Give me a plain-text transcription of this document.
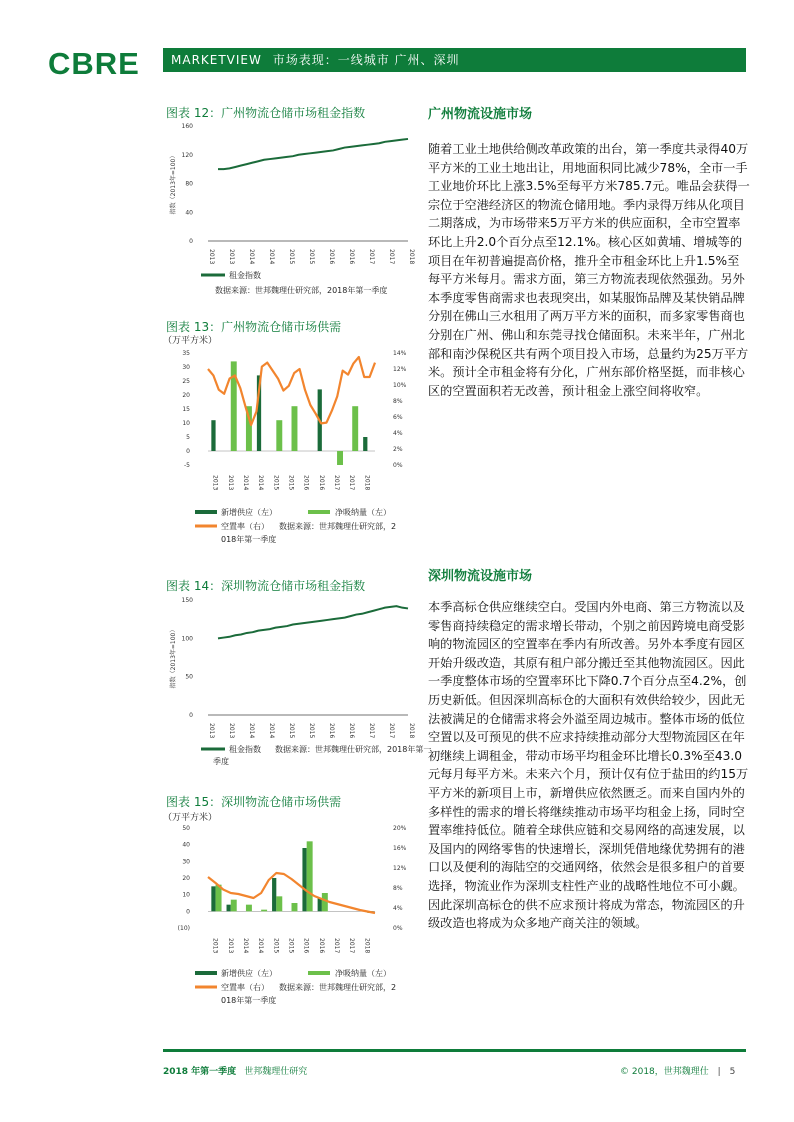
CBRE	MARKETVIEW 市场表现：一线城市 广州、深圳
图表 12：广州物流仓储市场租金指数
0
40
80
120
160
指数（2013年=100）
2013 2013 2014 2014 2015 2015 2016 2016 2017 2017 2018
租金指数
数据来源：世邦魏理仕研究部，2018年第一季度
图表 13：广州物流仓储市场供需
（万平方米）
-5
0
5
10
15
20
25
30
35
0%
2%
4%
6%
8%
10%
12%
14%
2013 2013 2014 2014 2015 2015 2016 2016 2017 2017 2018
新增供应（左）	净吸纳量（左）
空置率（右） 数据来源：世邦魏理仕研究部，2
018年第一季度
图表 14：深圳物流仓储市场租金指数
0
50
100
150
指数（2013年=100）
2013 2013 2014 2014 2015 2015 2016 2016 2017 2017 2018
租金指数 数据来源：世邦魏理仕研究部，2018年第一
季度
图表 15：深圳物流仓储市场供需
（万平方米）
(10)
0
10
20
30
40
50
0%
4%
8%
12%
16%
20%
2013 2013 2014 2014 2015 2015 2016 2016 2017 2017 2018
新增供应（左）	净吸纳量（左）
空置率（右） 数据来源：世邦魏理仕研究部，2
018年第一季度
广州物流设施市场

随着工业土地供给侧改革政策的出台，第一季度共录得40万平方米的工业土地出让，用地面积同比减少78%，全市一手工业地价环比上涨3.5%至每平方米785.7元。唯品会获得一宗位于空港经济区的物流仓储用地。季内录得万纬从化项目二期落成，为市场带来5万平方米的供应面积，全市空置率环比上升2.0个百分点至12.1%。核心区如黄埔、增城等的项目在年初普遍提高价格，推升全市租金环比上升1.5%至每平方米每月。需求方面，第三方物流表现依然强劲。另外本季度零售商需求也表现突出，如某服饰品牌及某快销品牌分别在佛山三水租用了两万平方米的面积，而多家零售商也分别在广州、佛山和东莞寻找仓储面积。未来半年，广州北部和南沙保税区共有两个项目投入市场，总量约为25万平方米。预计全市租金将有分化，广州东部价格坚挺，而非核心区的空置面积若无改善，预计租金上涨空间将收窄。

深圳物流设施市场

本季高标仓供应继续空白。受国内外电商、第三方物流以及零售商持续稳定的需求增长带动，个别之前因跨境电商受影响的物流园区的空置率在季内有所改善。另外本季度有园区开始升级改造，其原有租户部分搬迁至其他物流园区。因此一季度整体市场的空置率环比下降0.7个百分点至4.2%，创历史新低。但因深圳高标仓的大面积有效供给较少，因此无法被满足的仓储需求将会外溢至周边城市。整体市场的低位空置以及可预见的供不应求持续推动部分大型物流园区在年初继续上调租金，带动市场平均租金环比增长0.3%至43.0元每月每平方米。未来六个月，预计仅有位于盐田的约15万平方米的新项目上市，新增供应依然匮乏。而来自国内外的多样性的需求的增长将继续推动市场平均租金上扬，同时空置率维持低位。随着全球供应链和交易网络的高速发展，以及国内的网络零售的快速增长，深圳凭借地缘优势拥有的港口以及便利的海陆空的交通网络，依然会是很多租户的首要选择，物流业作为深圳支柱性产业的战略性地位不可小觑。因此深圳高标仓的供不应求预计将成为常态，物流园区的升级改造也将成为众多地产商关注的领域。

2018 年第一季度 世邦魏理仕研究	© 2018，世邦魏理仕 | 5
